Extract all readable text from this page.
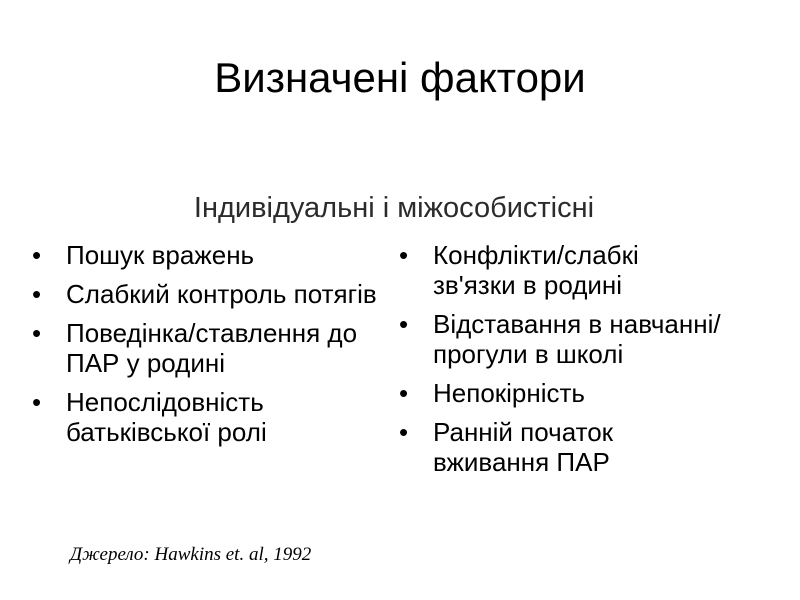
Визначені фактори
Індивідуальні і міжособистісні
• Пошук вражень
• Слабкий контроль потягів
• Поведінка/ставлення до ПАР у родині
• Непослідовність батьківської ролі
• Конфлікти/слабкі зв'язки в родині
• Відставання в навчанні/прогули в школі
• Непокірність
• Ранній початок вживання ПАР
Джерело: Hawkins et. al, 1992
